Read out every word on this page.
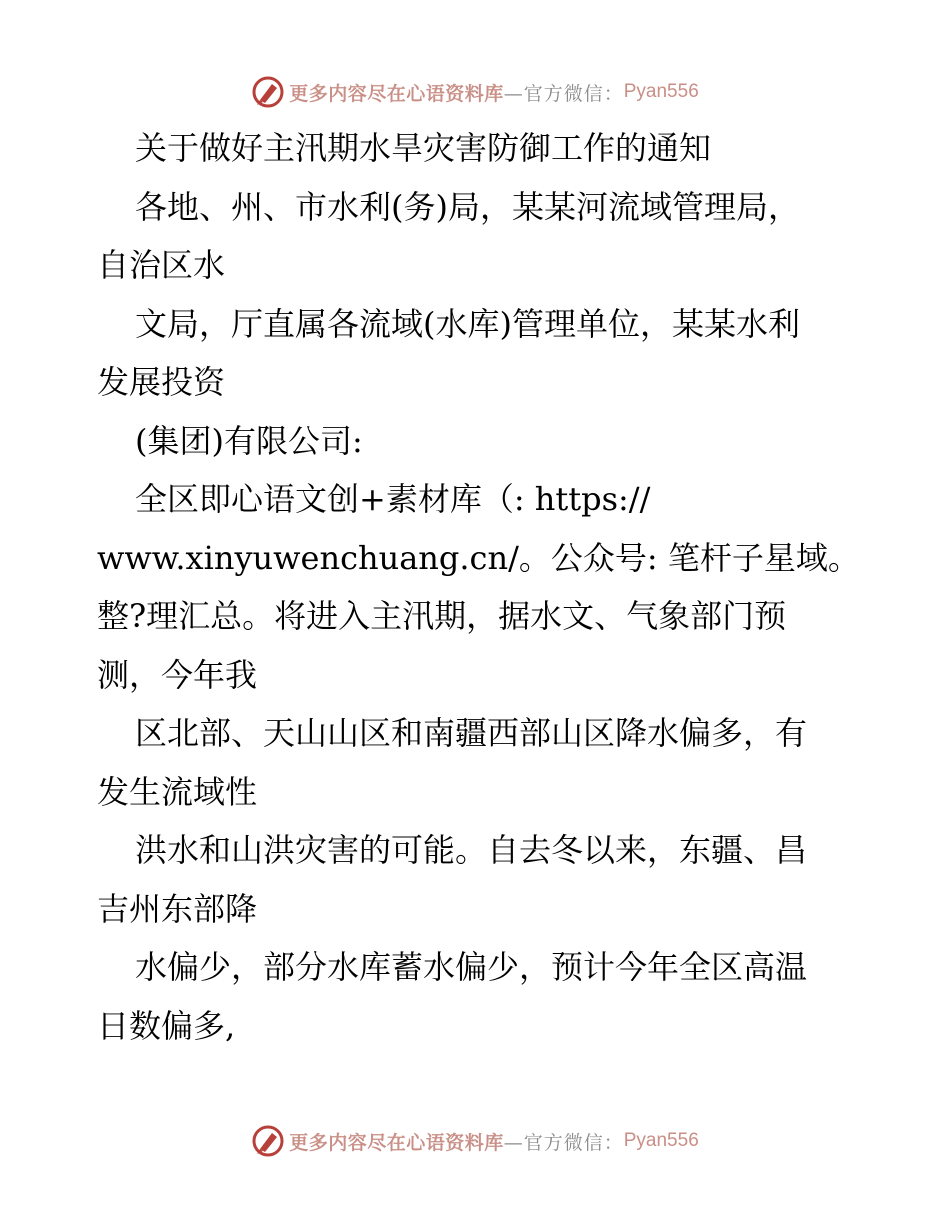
更多内容尽在心语资料库 —官方微信： Pyan556
关于做好主汛期水旱灾害防御工作的通知
各地、州、市水利(务)局，某某河流域管理局，
自治区水
文局，厅直属各流域(水库)管理单位，某某水利
发展投资
(集团)有限公司:
全区即心语文创+素材库（: https://
www.xinyuwenchuang.cn/。公众号: 笔杆子星域。
整?理汇总。将进入主汛期，据水文、气象部门预
测，今年我
区北部、天山山区和南疆西部山区降水偏多，有
发生流域性
洪水和山洪灾害的可能。自去冬以来，东疆、昌
吉州东部降
水偏少，部分水库蓄水偏少，预计今年全区高温
日数偏多,
更多内容尽在心语资料库 —官方微信： Pyan556
